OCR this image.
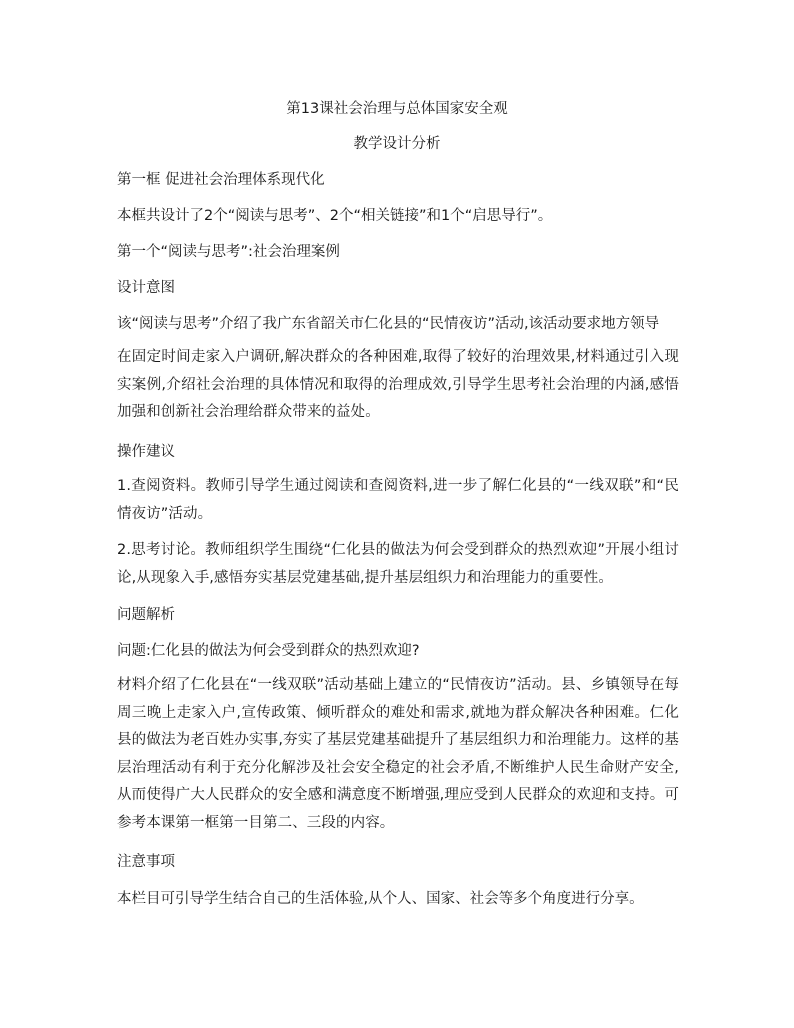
第13课社会治理与总体国家安全观
教学设计分析
第一框 促进社会治理体系现代化
本框共设计了2个“阅读与思考”、2个“相关链接”和1个“启思导行”。
第一个“阅读与思考”:社会治理案例
设计意图
该“阅读与思考”介绍了我广东省韶关市仁化县的“民情夜访”活动,该活动要求地方领导
在固定时间走家入户调研,解决群众的各种困难,取得了较好的治理效果,材料通过引入现实案例,介绍社会治理的具体情况和取得的治理成效,引导学生思考社会治理的内涵,感悟加强和创新社会治理给群众带来的益处。
操作建议
1.查阅资料。教师引导学生通过阅读和查阅资料,进一步了解仁化县的“一线双联”和“民情夜访”活动。
2.思考讨论。教师组织学生围绕“仁化县的做法为何会受到群众的热烈欢迎”开展小组讨论,从现象入手,感悟夯实基层党建基础,提升基层组织力和治理能力的重要性。
问题解析
问题:仁化县的做法为何会受到群众的热烈欢迎?
材料介绍了仁化县在“一线双联”活动基础上建立的“民情夜访”活动。县、乡镇领导在每周三晚上走家入户,宣传政策、倾听群众的难处和需求,就地为群众解决各种困难。仁化县的做法为老百姓办实事,夯实了基层党建基础提升了基层组织力和治理能力。这样的基层治理活动有利于充分化解涉及社会安全稳定的社会矛盾,不断维护人民生命财产安全,从而使得广大人民群众的安全感和满意度不断增强,理应受到人民群众的欢迎和支持。可参考本课第一框第一目第二、三段的内容。
注意事项
本栏目可引导学生结合自己的生活体验,从个人、国家、社会等多个角度进行分享。
